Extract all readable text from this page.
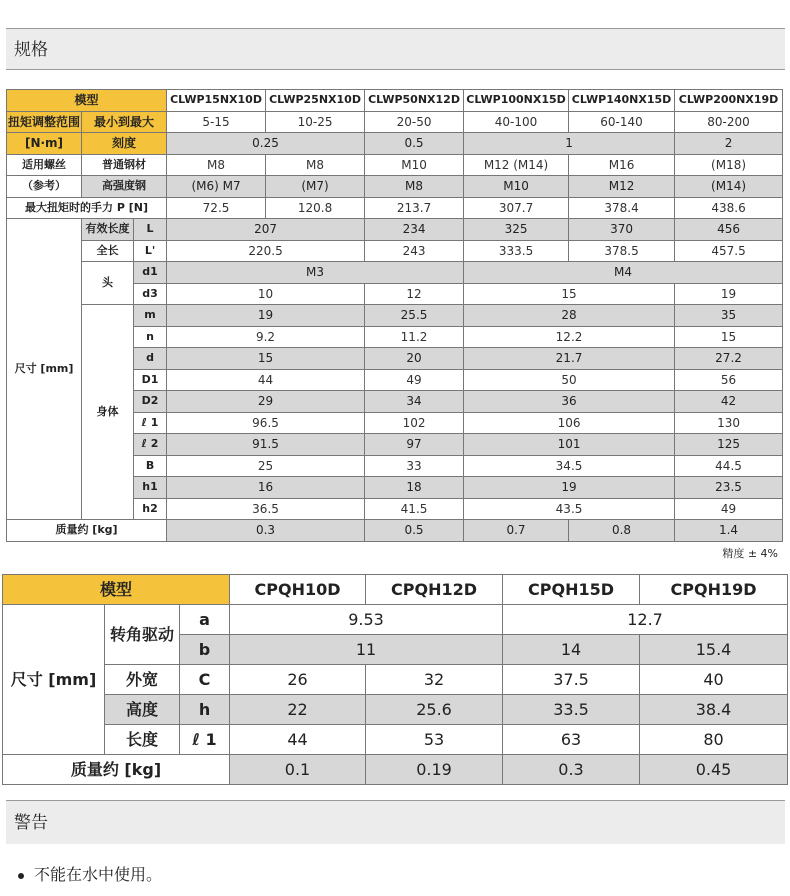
规格
模型			CLWP15NX10D	CLWP25NX10D	CLWP50NX12D	CLWP100NX15D	CLWP140NX15D	CLWP200NX19D
扭矩调整范围	最小到最大		5-15	10-25	20-50	40-100	60-140	80-200
[N·m]	刻度		0.25		0.5	1		2
适用螺丝	普通钢材		M8	M8	M10	M12 (M14)	M16	(M18)
（参考）	高强度钢		(M6) M7	(M7)	M8	M10	M12	(M14)
最大扭矩时的手力 P [N]			72.5	120.8	213.7	307.7	378.4	438.6
尺寸 [mm]	有效长度	L	207		234	325	370	456
	全长	L'	220.5		243	333.5	378.5	457.5
	头	d1	M3			M4		
		d3	10		12	15		19
	身体	m	19		25.5	28		35
		n	9.2		11.2	12.2		15
		d	15		20	21.7		27.2
		D1	44		49	50		56
		D2	29		34	36		42
		ℓ 1	96.5		102	106		130
		ℓ 2	91.5		97	101		125
		B	25		33	34.5		44.5
		h1	16		18	19		23.5
		h2	36.5		41.5	43.5		49
质量约 [kg]			0.3		0.5	0.7	0.8	1.4
精度 ± 4%
模型			CPQH10D	CPQH12D	CPQH15D	CPQH19D
尺寸 [mm]	转角驱动	a	9.53		12.7	
		b	11		14	15.4
	外宽	C	26	32	37.5	40
	高度	h	22	25.6	33.5	38.4
	长度	ℓ 1	44	53	63	80
质量约 [kg]			0.1	0.19	0.3	0.45
警告
不能在水中使用。
